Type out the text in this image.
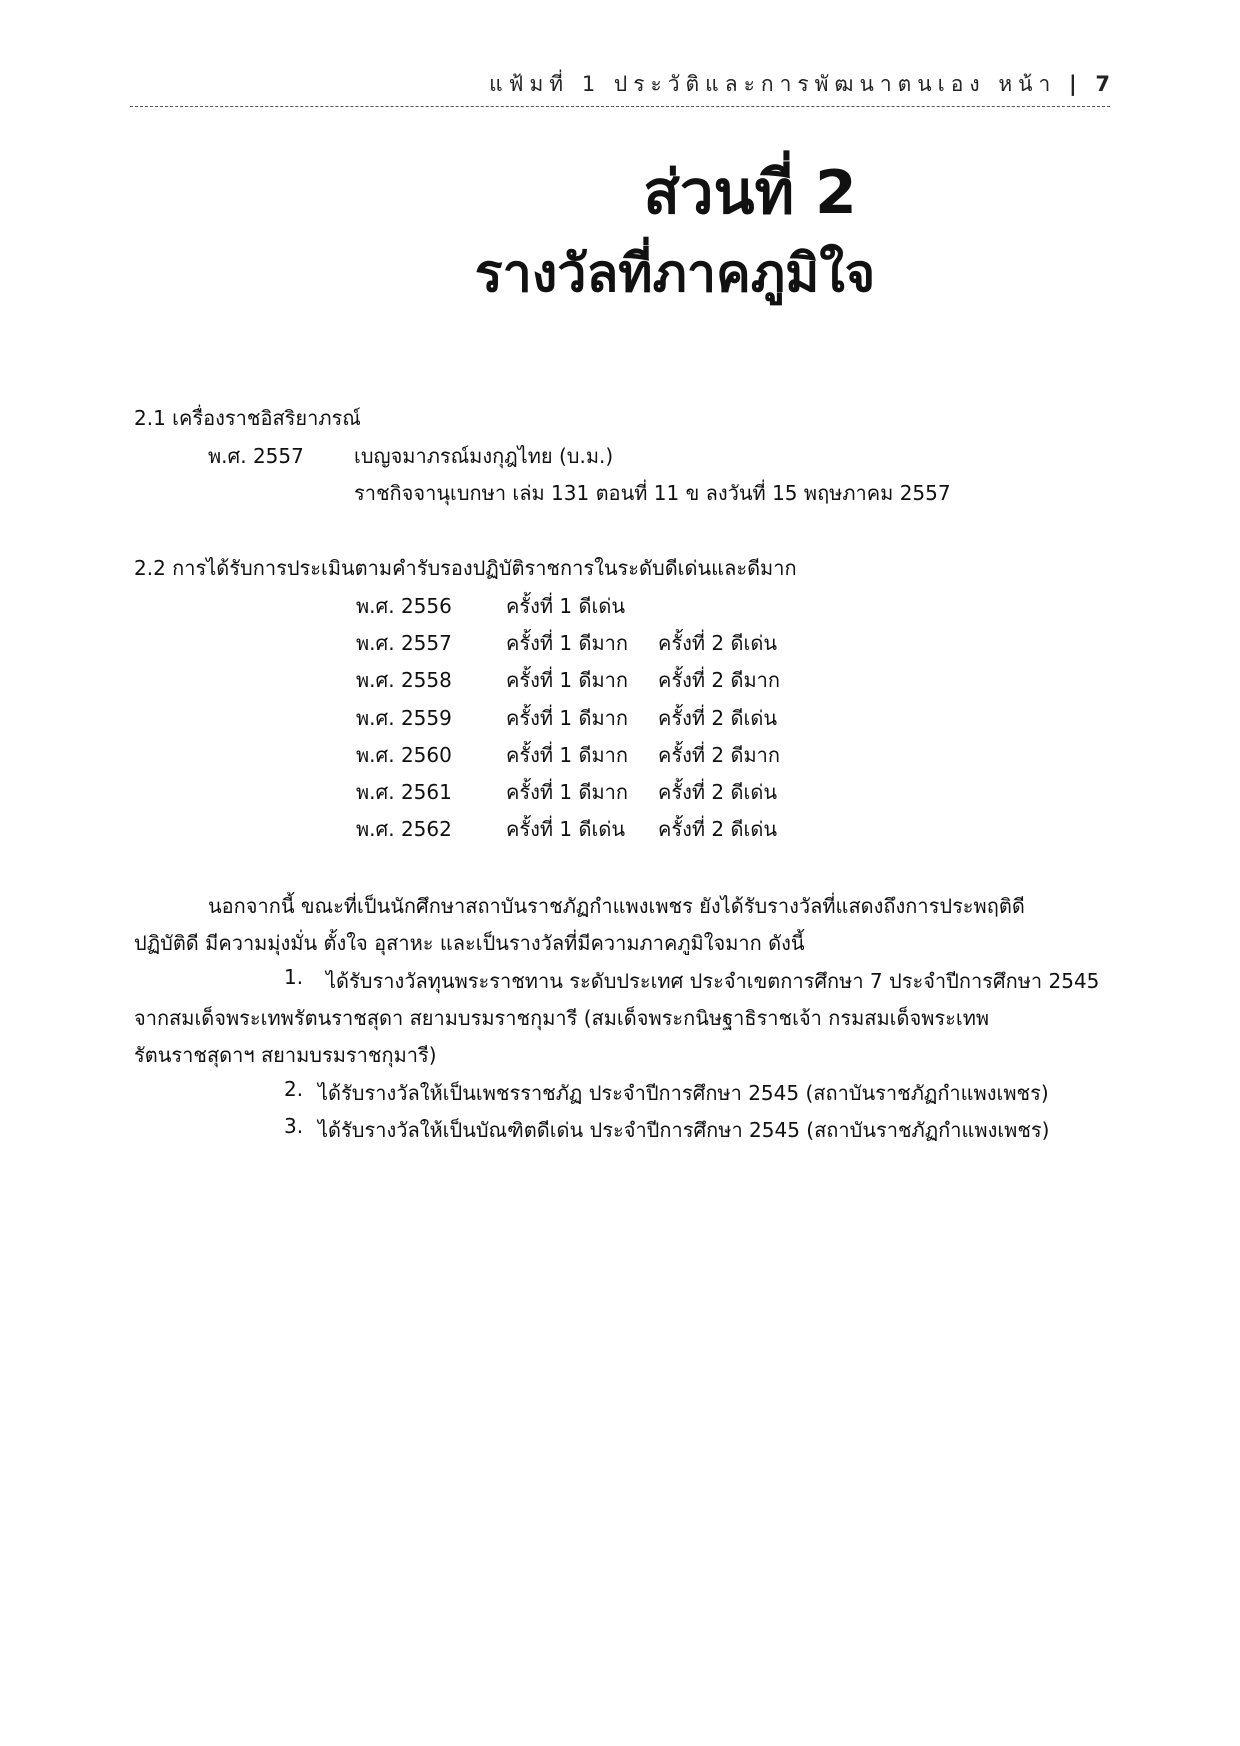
แฟ้มที่ 1 ประวัติและการพัฒนาตนเอง หน้า | 7
ส่วนที่ 2
รางวัลที่ภาคภูมิใจ
2.1 เครื่องราชอิสริยาภรณ์
พ.ศ. 2557	เบญจมาภรณ์มงกุฎไทย (บ.ม.)
ราชกิจจานุเบกษา เล่ม 131 ตอนที่ 11 ข ลงวันที่ 15 พฤษภาคม 2557
2.2 การได้รับการประเมินตามคำรับรองปฏิบัติราชการในระดับดีเด่นและดีมาก
พ.ศ. 2556	ครั้งที่ 1 ดีเด่น
พ.ศ. 2557	ครั้งที่ 1 ดีมาก ครั้งที่ 2 ดีเด่น
พ.ศ. 2558	ครั้งที่ 1 ดีมาก ครั้งที่ 2 ดีมาก
พ.ศ. 2559	ครั้งที่ 1 ดีมาก ครั้งที่ 2 ดีเด่น
พ.ศ. 2560	ครั้งที่ 1 ดีมาก ครั้งที่ 2 ดีมาก
พ.ศ. 2561	ครั้งที่ 1 ดีมาก ครั้งที่ 2 ดีเด่น
พ.ศ. 2562	ครั้งที่ 1 ดีเด่น ครั้งที่ 2 ดีเด่น
นอกจากนี้ ขณะที่เป็นนักศึกษาสถาบันราชภัฏกำแพงเพชร ยังได้รับรางวัลที่แสดงถึงการประพฤติดี
ปฏิบัติดี มีความมุ่งมั่น ตั้งใจ อุสาหะ และเป็นรางวัลที่มีความภาคภูมิใจมาก ดังนี้
1. ได้รับรางวัลทุนพระราชทาน ระดับประเทศ ประจำเขตการศึกษา 7 ประจำปีการศึกษา 2545
จากสมเด็จพระเทพรัตนราชสุดา สยามบรมราชกุมารี (สมเด็จพระกนิษฐาธิราชเจ้า กรมสมเด็จพระเทพ
รัตนราชสุดาฯ สยามบรมราชกุมารี)
2. ได้รับรางวัลให้เป็นเพชรราชภัฏ ประจำปีการศึกษา 2545 (สถาบันราชภัฏกำแพงเพชร)
3. ได้รับรางวัลให้เป็นบัณฑิตดีเด่น ประจำปีการศึกษา 2545 (สถาบันราชภัฏกำแพงเพชร)
